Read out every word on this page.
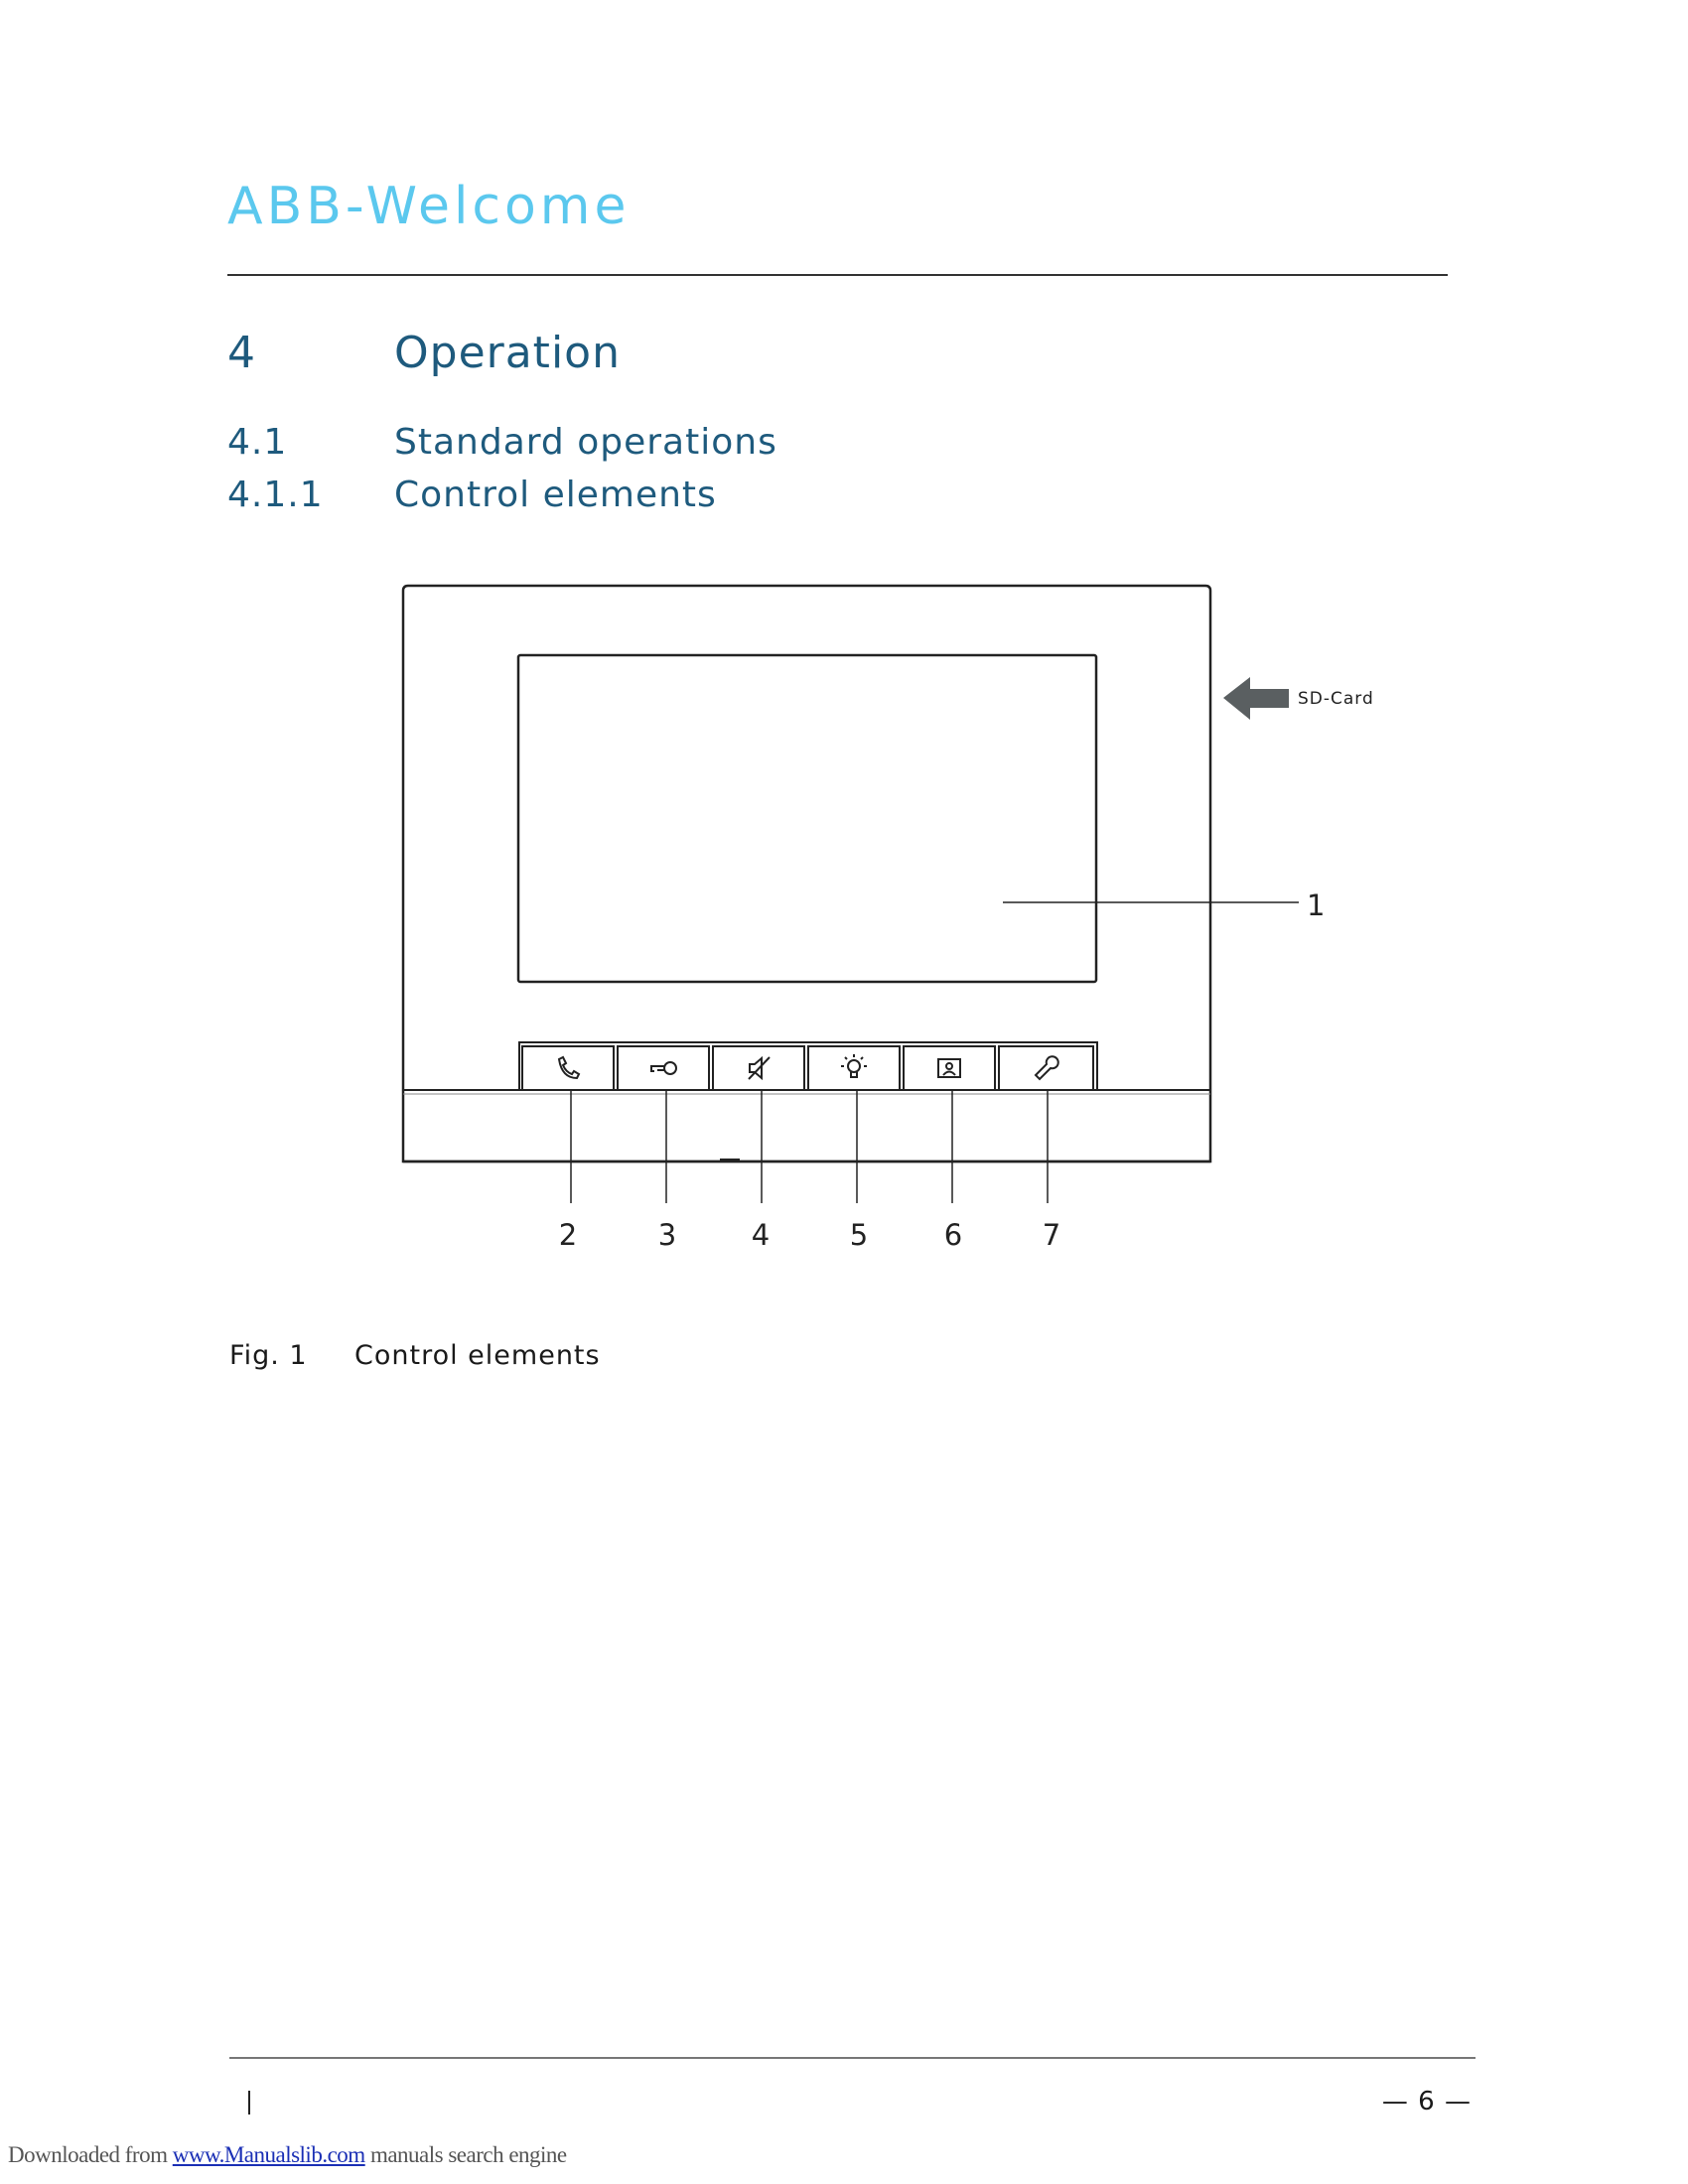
ABB-Welcome
4	Operation
4.1	Standard operations
4.1.1 Control elements
1
SD-Card
2	3	4	5	6	7
Fig. 1 Control elements
— 6 —
Downloaded from www.Manualslib.com manuals search engine
